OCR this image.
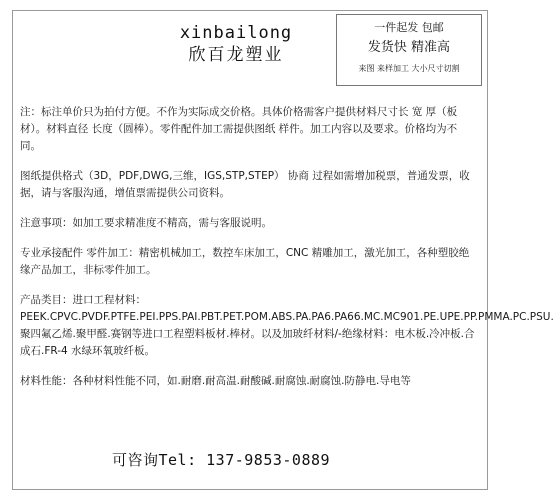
xinbailong
欣百龙塑业
一件起发 包邮
发货快 精准高
来图 来样加工 大小尺寸切割

注：标注单价只为拍付方便。不作为实际成交价格。具体价格需客户提供材料尺寸长 宽 厚（板材）。材料直径 长度（圆棒）。零件配件加工需提供图纸 样件。加工内容以及要求。价格均为不同。

图纸提供格式（3D，PDF,DWG,三维，IGS,STP,STEP） 协商 过程如需增加税票，普通发票，收据，请与客服沟通，增值票需提供公司资料。

注意事项：如加工要求精准度不精高，需与客服说明。

专业承接配件 零件加工：精密机械加工，数控车床加工，CNC 精雕加工，激光加工，各种塑胶绝缘产品加工，非标零件加工。

产品类目：进口工程材料：PEEK.CPVC.PVDF.PTFE.PEI.PPS.PAI.PBT.PET.POM.ABS.PA.PA6.PA66.MC.MC901.PE.UPE.PP.PMMA.PC.PSU.聚四氟乙烯.聚甲醛.赛钢等进口工程塑料板材.棒材。以及加玻纤材料/-绝缘材料：电木板.冷冲板.合成石.FR-4 水绿环氧玻纤板。

材料性能：各种材料性能不同，如.耐磨.耐高温.耐酸碱.耐腐蚀.耐腐蚀.防静电.导电等

可咨询Tel: 137-9853-0889
